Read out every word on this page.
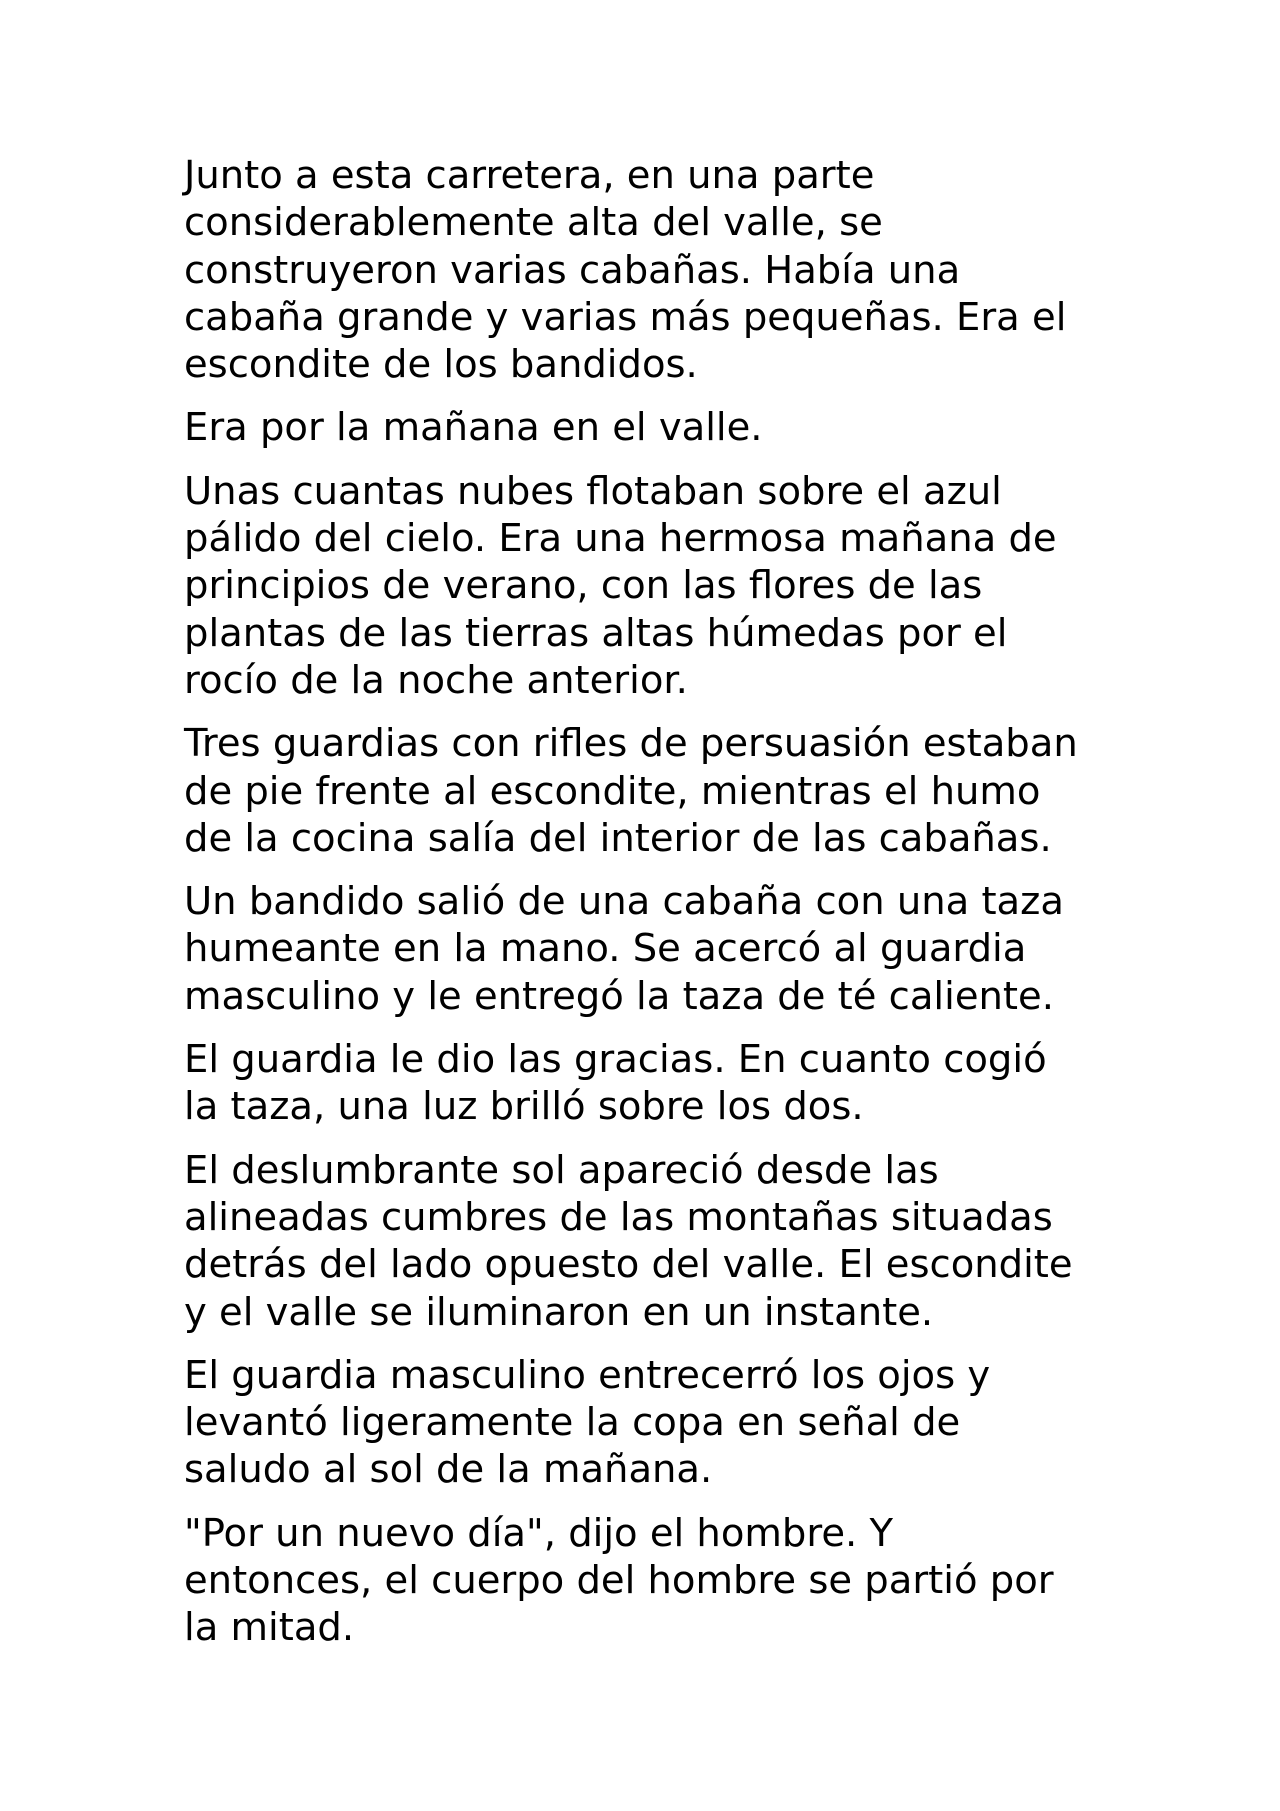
Junto a esta carretera, en una parte
considerablemente alta del valle, se
construyeron varias cabañas. Había una
cabaña grande y varias más pequeñas. Era el
escondite de los bandidos.

Era por la mañana en el valle.

Unas cuantas nubes flotaban sobre el azul
pálido del cielo. Era una hermosa mañana de
principios de verano, con las flores de las
plantas de las tierras altas húmedas por el
rocío de la noche anterior.

Tres guardias con rifles de persuasión estaban
de pie frente al escondite, mientras el humo
de la cocina salía del interior de las cabañas.

Un bandido salió de una cabaña con una taza
humeante en la mano. Se acercó al guardia
masculino y le entregó la taza de té caliente.

El guardia le dio las gracias. En cuanto cogió
la taza, una luz brilló sobre los dos.

El deslumbrante sol apareció desde las
alineadas cumbres de las montañas situadas
detrás del lado opuesto del valle. El escondite
y el valle se iluminaron en un instante.

El guardia masculino entrecerró los ojos y
levantó ligeramente la copa en señal de
saludo al sol de la mañana.

"Por un nuevo día", dijo el hombre. Y
entonces, el cuerpo del hombre se partió por
la mitad.
